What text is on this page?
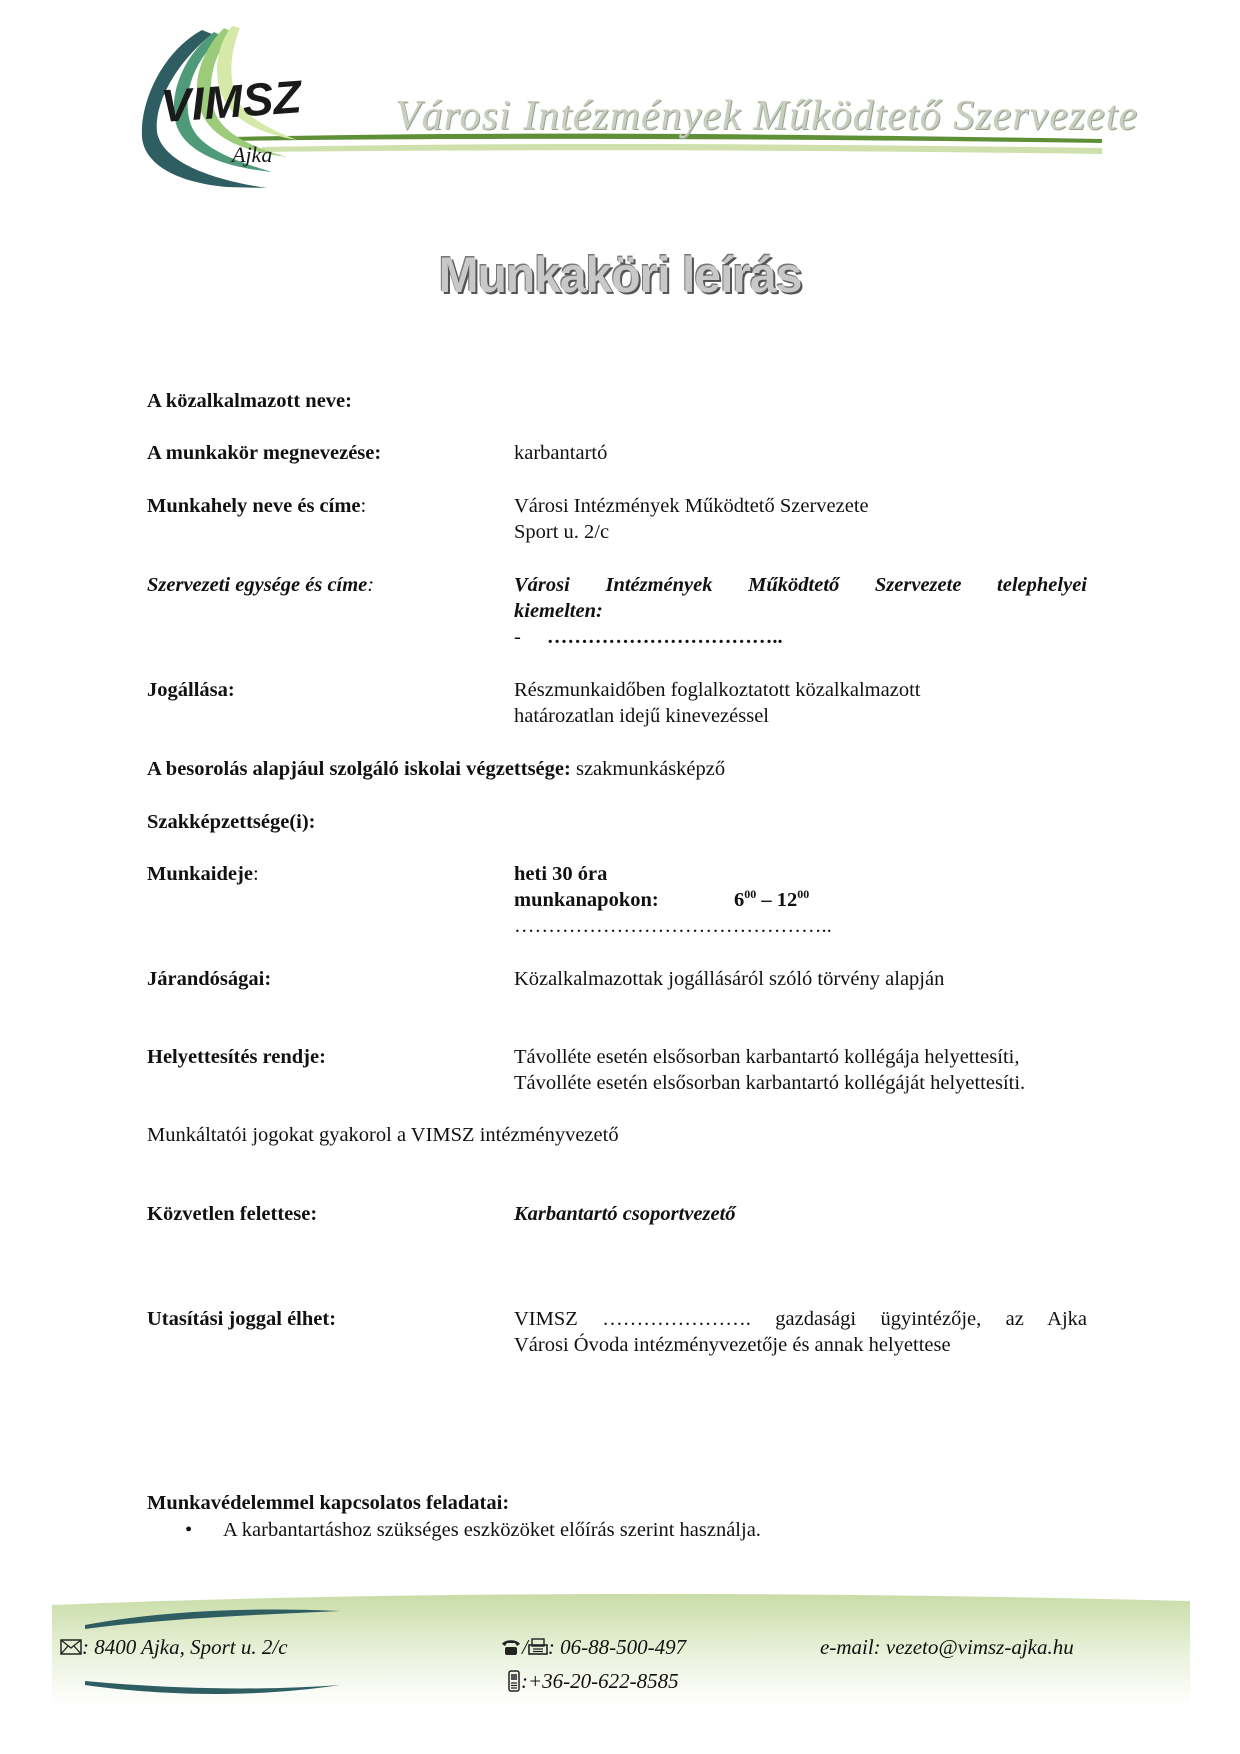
VIMSZ
Ajka
Városi Intézmények Működtető Szervezete
Munkaköri leírás
A közalkalmazott neve:
A munkakör megnevezése:	karbantartó
Munkahely neve és címe:	Városi Intézmények Működtető Szervezete
Sport u. 2/c
Szervezeti egysége és címe:	Városi Intézmények Működtető Szervezete telephelyei
kiemelten:
- ……………………………..
Jogállása:	Részmunkaidőben foglalkoztatott közalkalmazott
határozatlan idejű kinevezéssel
A besorolás alapjául szolgáló iskolai végzettsége: szakmunkásképző
Szakképzettsége(i):
Munkaideje:	heti 30 óra
munkanapokon:	$6^{00} - 12^{00}$
………………………………………..
Járandóságai:	Közalkalmazottak jogállásáról szóló törvény alapján
Helyettesítés rendje:	Távolléte esetén elsősorban karbantartó kollégája helyettesíti,
Távolléte esetén elsősorban karbantartó kollégáját helyettesíti.
Munkáltatói jogokat gyakorol a VIMSZ intézményvezető
Közvetlen felettese:	Karbantartó csoportvezető
Utasítási joggal élhet:	VIMSZ …………………. gazdasági ügyintézője, az Ajka
Városi Óvoda intézményvezetője és annak helyettese
Munkavédelemmel kapcsolatos feladatai:
• A karbantartáshoz szükséges eszközöket előírás szerint használja.
: 8400 Ajka, Sport u. 2/c	/ : 06-88-500-497
:+36-20-622-8585
e-mail: vezeto@vimsz-ajka.hu
